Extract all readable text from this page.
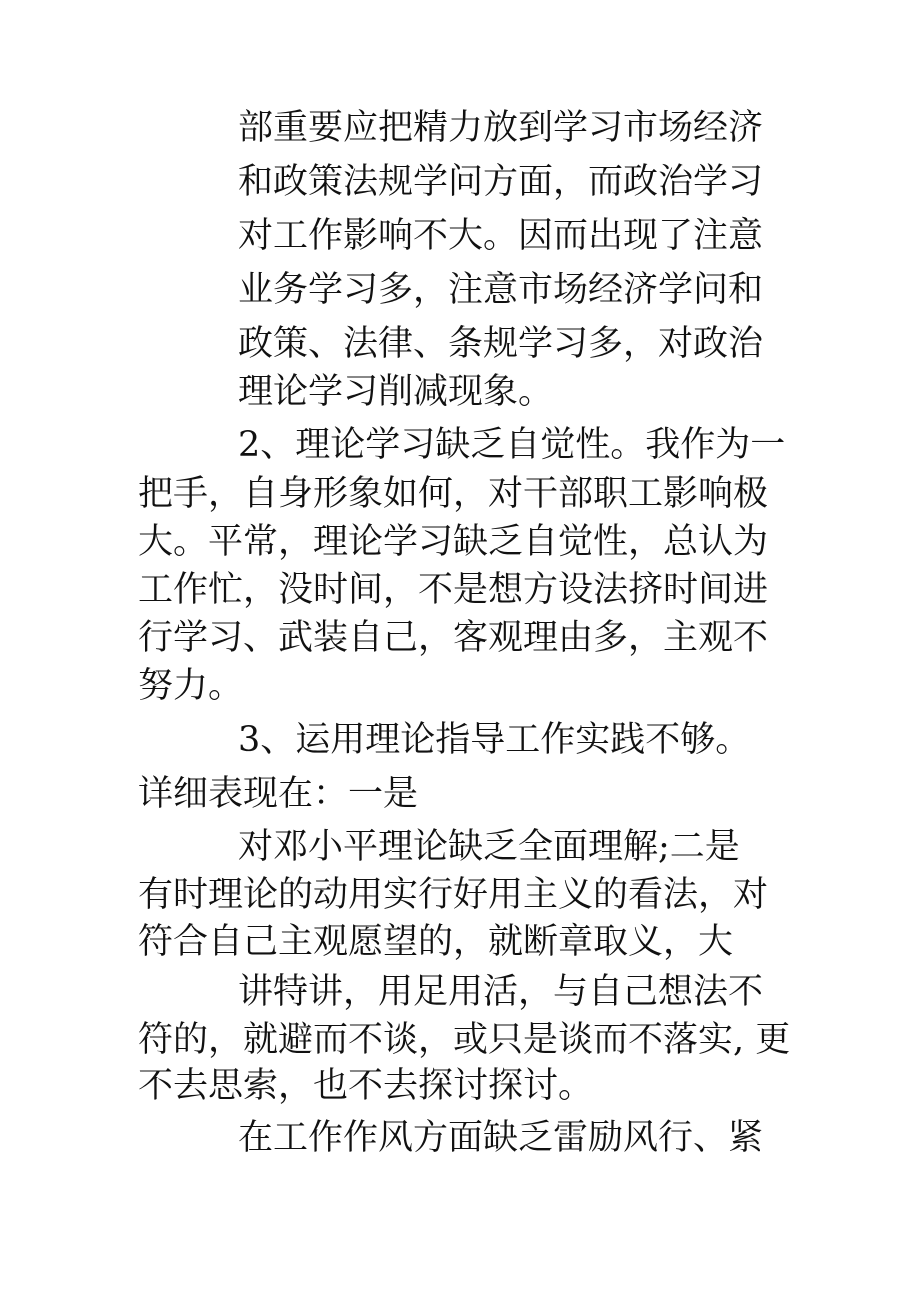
部重要应把精力放到学习市场经济
和政策法规学问方面，而政治学习
对工作影响不大。因而出现了注意
业务学习多，注意市场经济学问和
政策、法律、条规学习多，对政治
理论学习削减现象。
2、理论学习缺乏自觉性。我作为一
把手，自身形象如何，对干部职工影响极
大。平常，理论学习缺乏自觉性，总认为
工作忙，没时间，不是想方设法挤时间进
行学习、武装自己，客观理由多，主观不
努力。
3、运用理论指导工作实践不够。
详细表现在：一是
对邓小平理论缺乏全面理解;二是
有时理论的动用实行好用主义的看法，对
符合自己主观愿望的，就断章取义，大
讲特讲，用足用活，与自己想法不
符的，就避而不谈，或只是谈而不落实, 更
不去思索，也不去探讨探讨。
在工作作风方面缺乏雷励风行、紧
